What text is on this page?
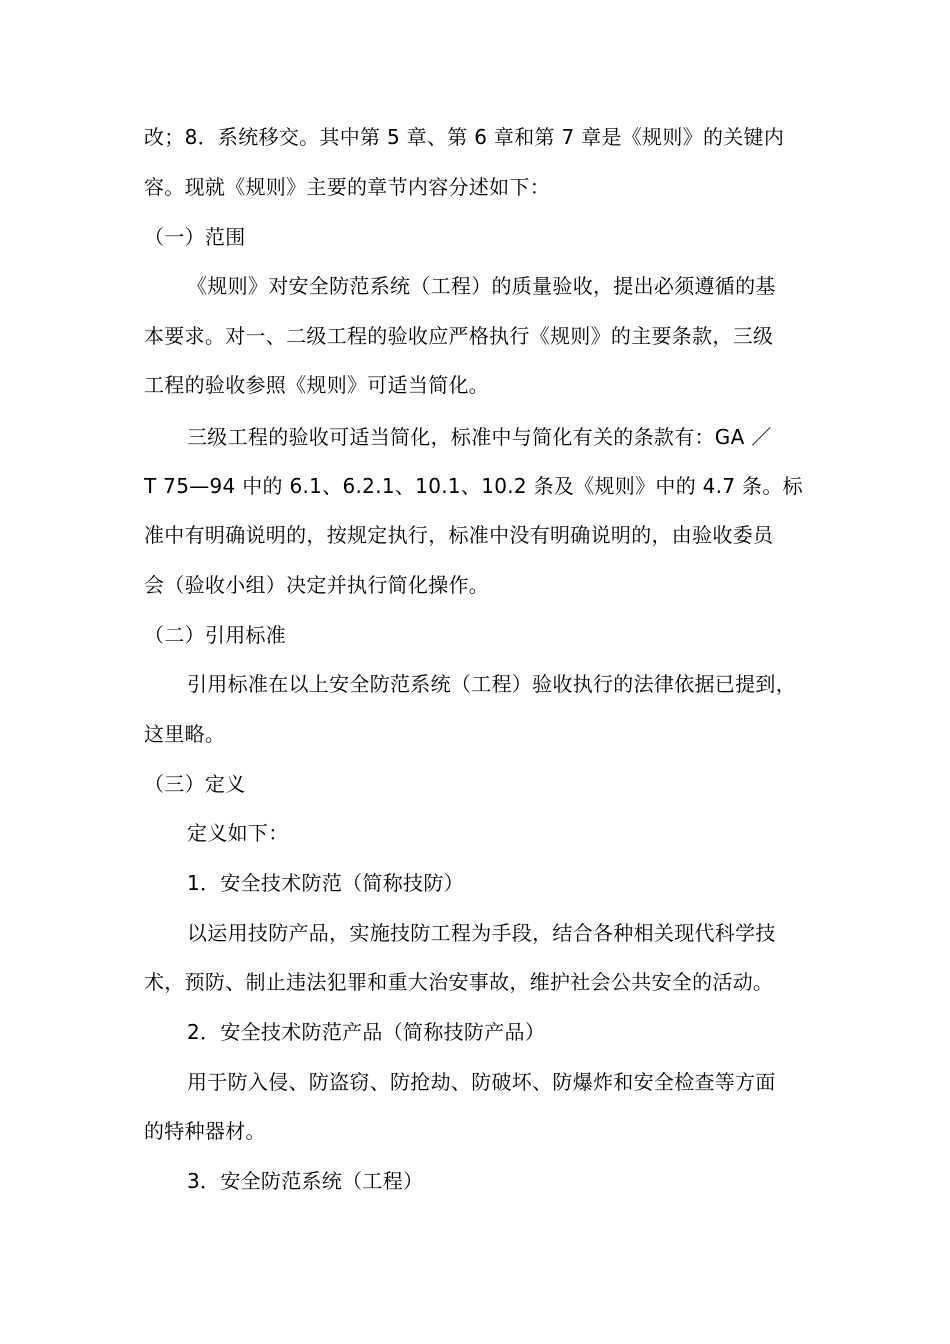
改；8．系统移交。其中第 5 章、第 6 章和第 7 章是《规则》的关键内
容。现就《规则》主要的章节内容分述如下：
（一）范围
《规则》对安全防范系统（工程）的质量验收，提出必须遵循的基
本要求。对一、二级工程的验收应严格执行《规则》的主要条款，三级
工程的验收参照《规则》可适当简化。
三级工程的验收可适当简化，标准中与简化有关的条款有：GA ／
T 75—94 中的 6.1、6.2.1、10.1、10.2 条及《规则》中的 4.7 条。标
准中有明确说明的，按规定执行，标准中没有明确说明的，由验收委员
会（验收小组）决定并执行简化操作。
（二）引用标准
引用标准在以上安全防范系统（工程）验收执行的法律依据已提到，
这里略。
（三）定义
定义如下：
1．安全技术防范（简称技防）
以运用技防产品，实施技防工程为手段，结合各种相关现代科学技
术，预防、制止违法犯罪和重大治安事故，维护社会公共安全的活动。
2．安全技术防范产品（简称技防产品）
用于防入侵、防盗窃、防抢劫、防破坏、防爆炸和安全检查等方面
的特种器材。
3．安全防范系统（工程）
